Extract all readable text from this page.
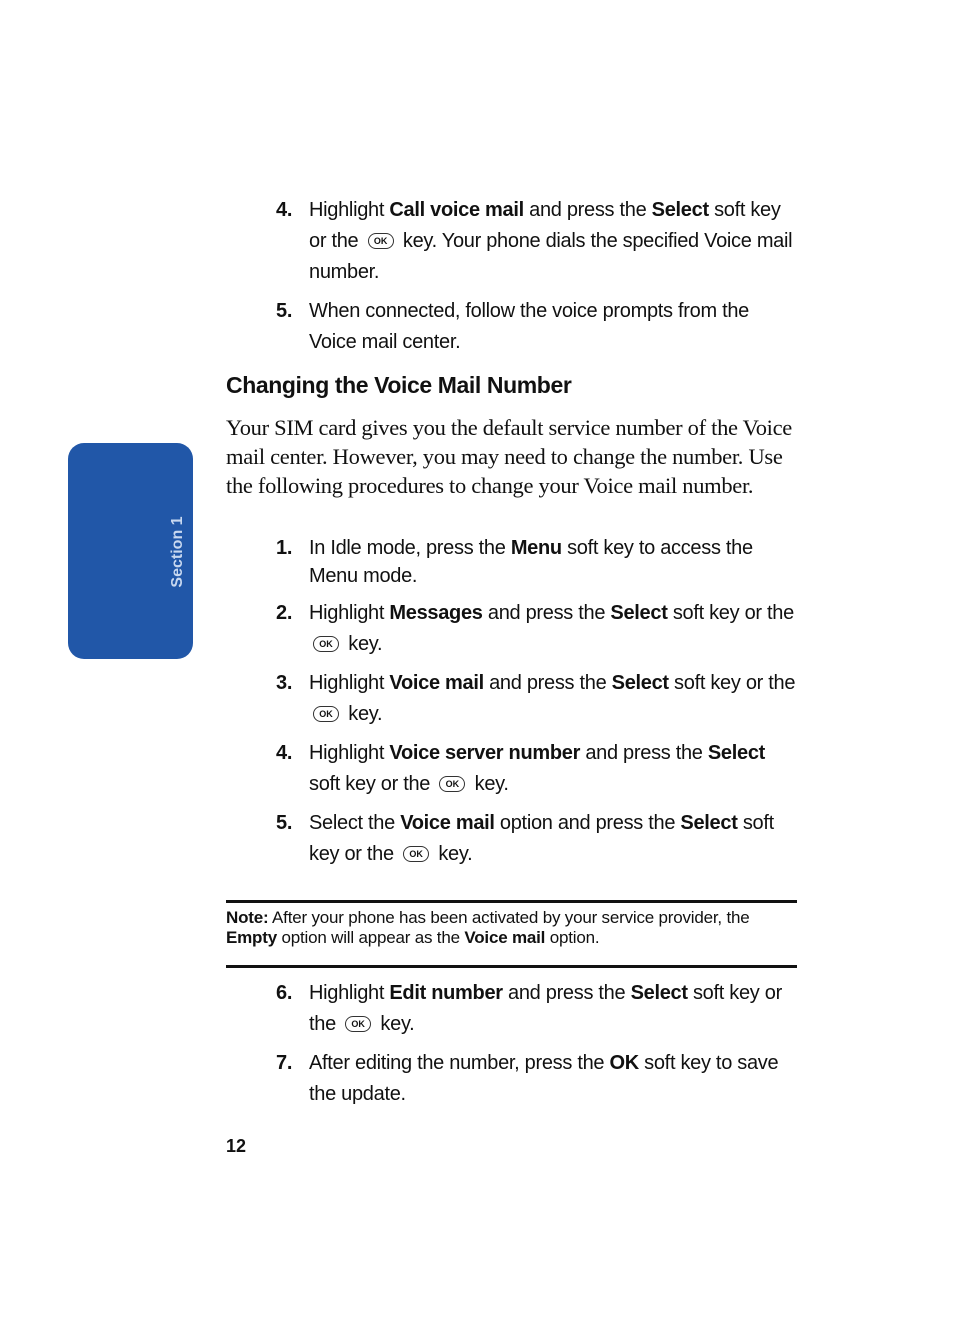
Section 1
4. Highlight Call voice mail and press the Select soft key or the	OK key. Your phone dials the specified Voice mail number.
5. When connected, follow the voice prompts from the Voice mail center.
Changing the Voice Mail Number
Your SIM card gives you the default service number of the Voice mail center. However, you may need to change the number. Use the following procedures to change your Voice mail number.
1. In Idle mode, press the Menu soft key to access the Menu mode.
2. Highlight Messages and press the Select soft key or the
OK key.
3. Highlight Voice mail and press the Select soft key or the
OK key.
4. Highlight Voice server number and press the Select soft key or the	OK key.
5. Select the Voice mail option and press the Select soft key or the	OK key.
Note: After your phone has been activated by your service provider, the Empty option will appear as the Voice mail option.
6. Highlight Edit number and press the Select soft key or the	OK key.
7. After editing the number, press the OK soft key to save the update.
12
